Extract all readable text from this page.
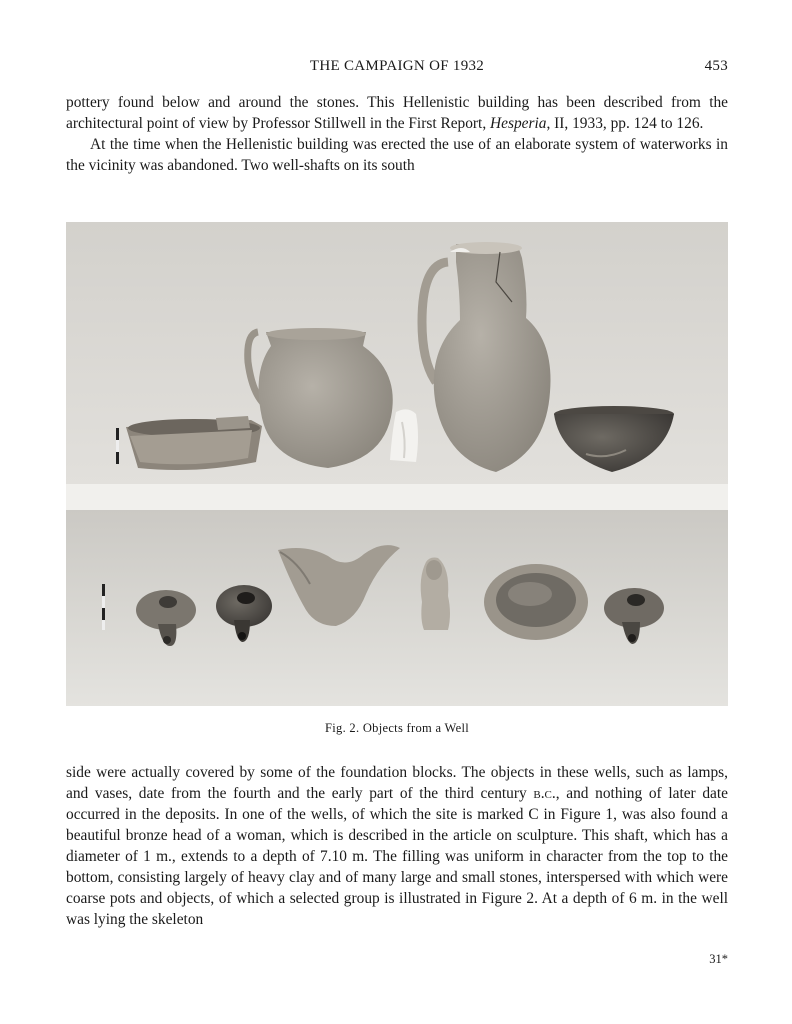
THE CAMPAIGN OF 1932	453

pottery found below and around the stones. This Hellenistic building has been described from the architectural point of view by Professor Stillwell in the First Report, Hesperia, II, 1933, pp. 124 to 126.

At the time when the Hellenistic building was erected the use of an elaborate system of waterworks in the vicinity was abandoned. Two well-shafts on its south

Fig. 2. Objects from a Well

side were actually covered by some of the foundation blocks. The objects in these wells, such as lamps, and vases, date from the fourth and the early part of the third century b.c., and nothing of later date occurred in the deposits. In one of the wells, of which the site is marked C in Figure 1, was also found a beautiful bronze head of a woman, which is described in the article on sculpture. This shaft, which has a diameter of 1 m., extends to a depth of 7.10 m. The filling was uniform in character from the top to the bottom, consisting largely of heavy clay and of many large and small stones, interspersed with which were coarse pots and objects, of which a selected group is illustrated in Figure 2. At a depth of 6 m. in the well was lying the skeleton

31*
